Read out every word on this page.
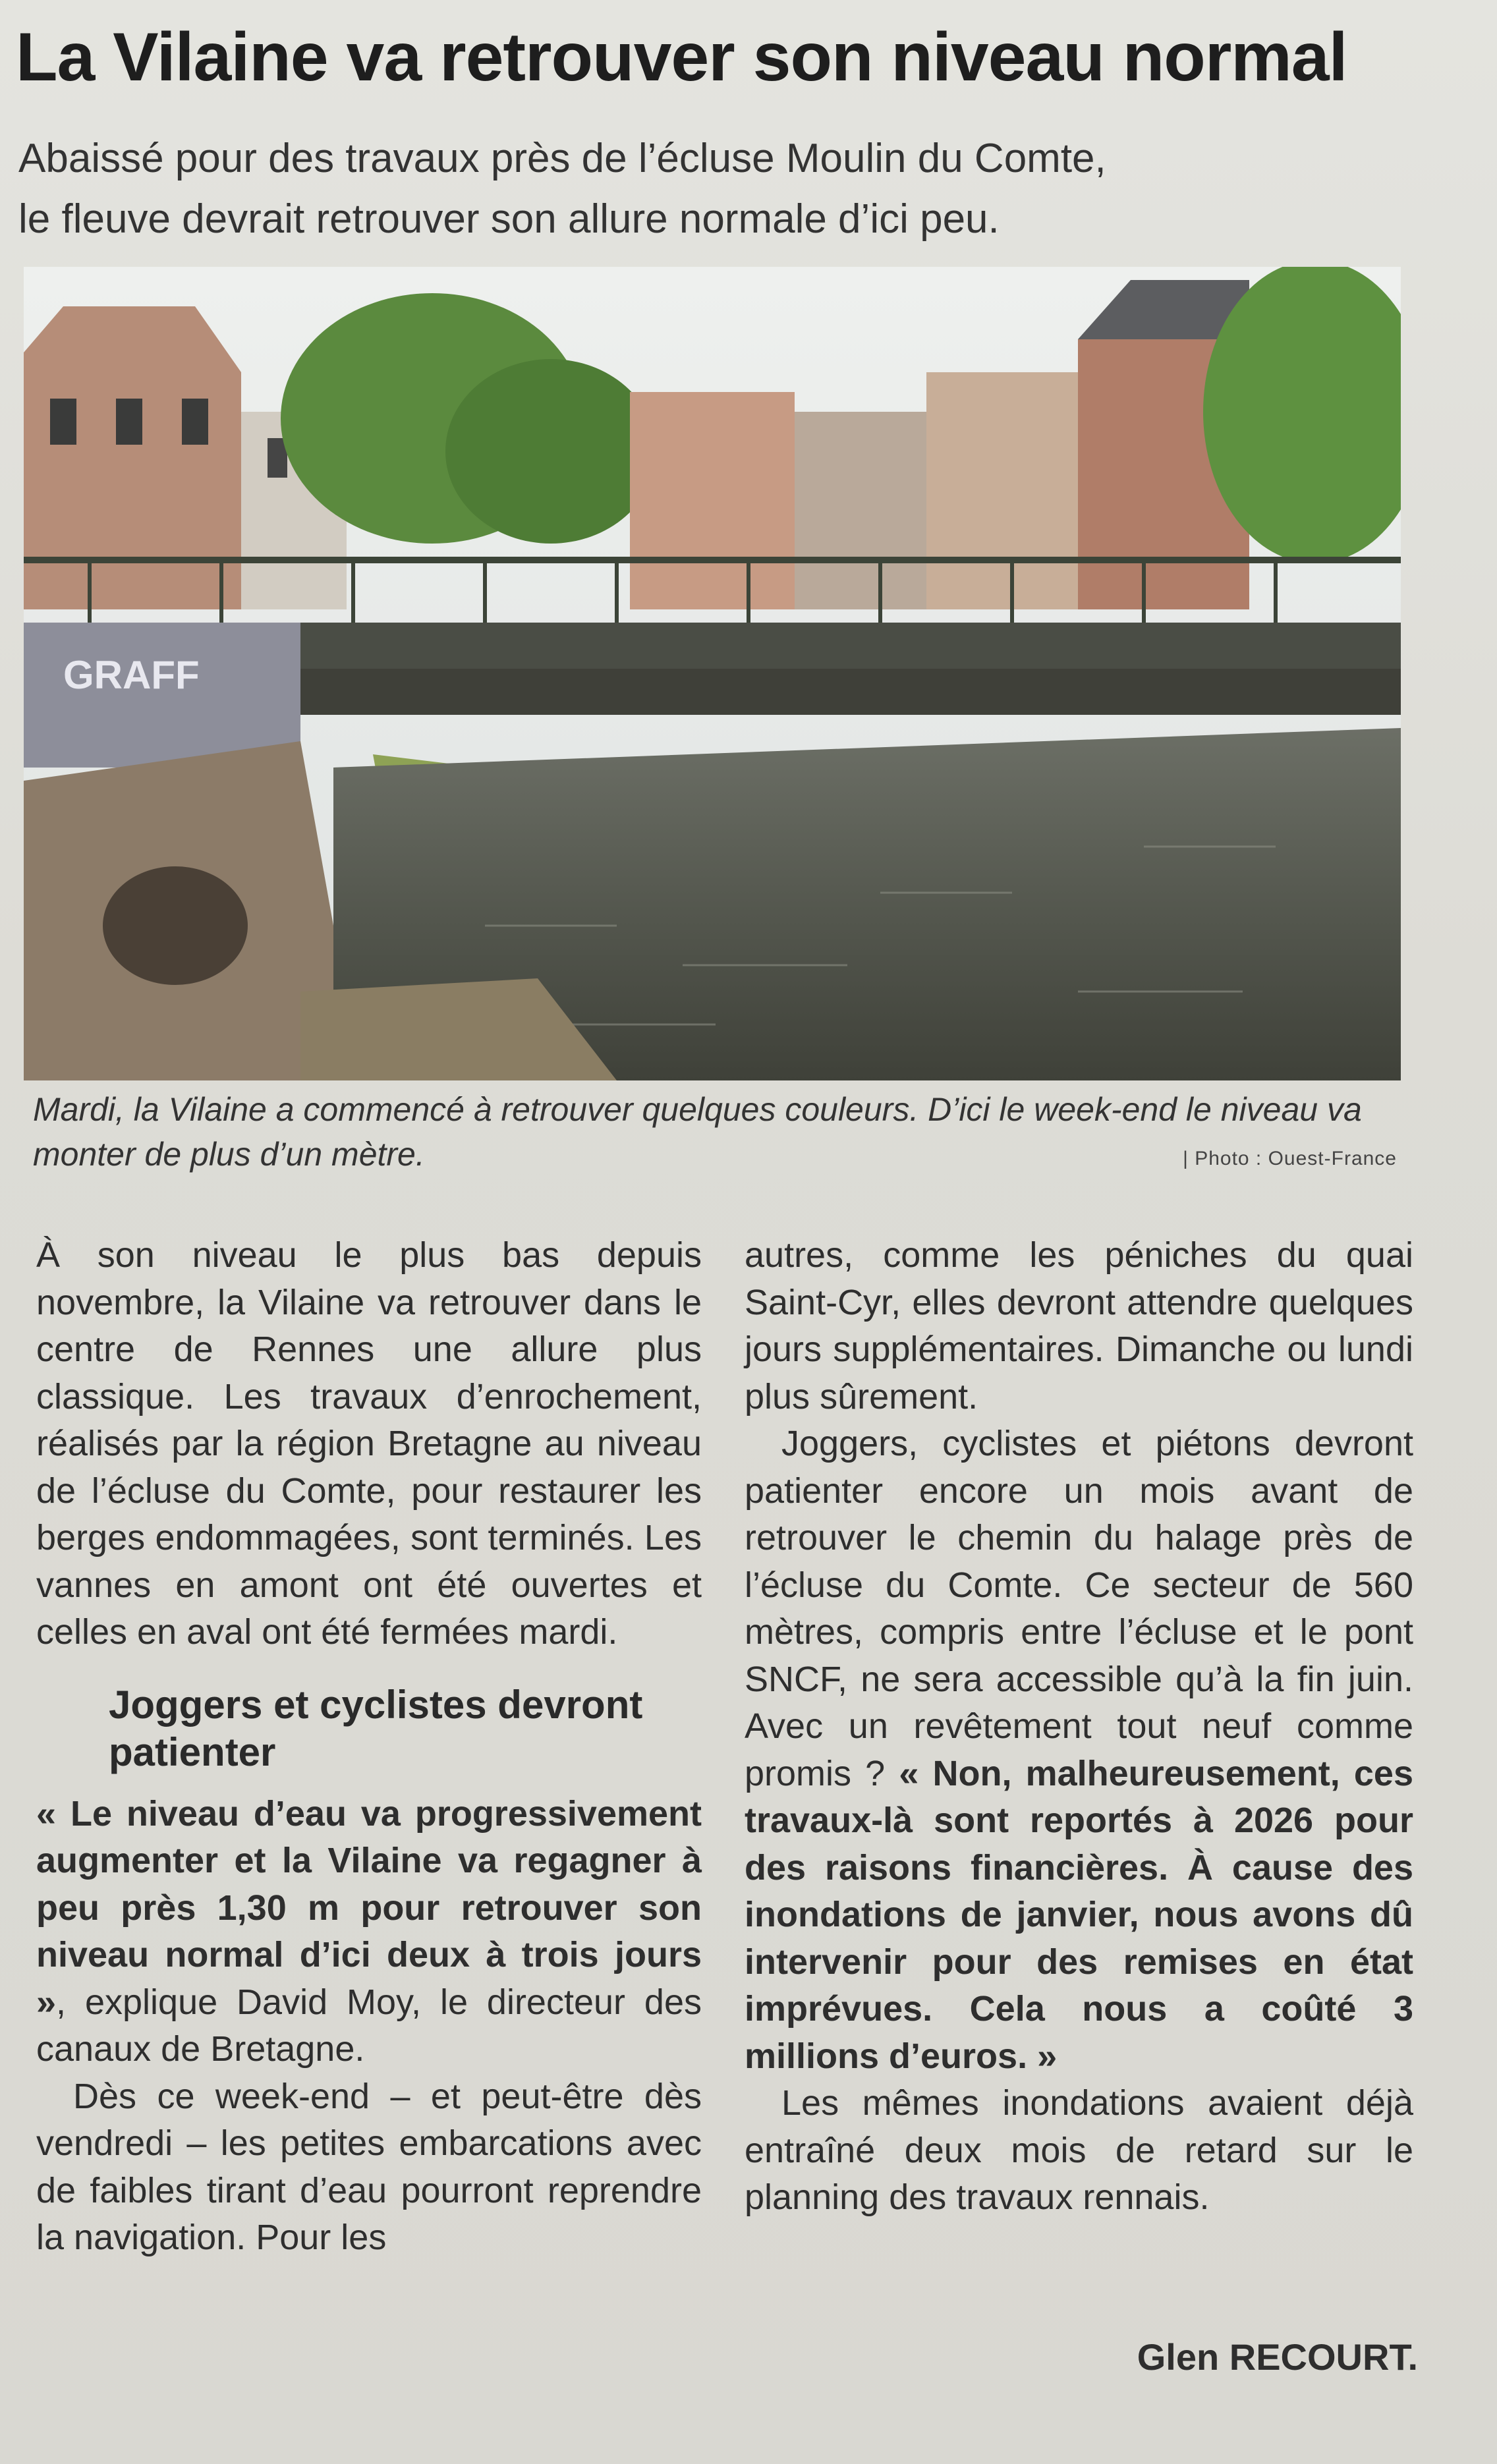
La Vilaine va retrouver son niveau normal
Abaissé pour des travaux près de l’écluse Moulin du Comte,
le fleuve devrait retrouver son allure normale d’ici peu.
GRAFF
Mardi, la Vilaine a commencé à retrouver quelques couleurs. D’ici le week-end le niveau va monter de plus d’un mètre.	| Photo : Ouest-France

À son niveau le plus bas depuis novembre, la Vilaine va retrouver dans le centre de Rennes une allure plus classique. Les travaux d’enrochement, réalisés par la région Bretagne au niveau de l’écluse du Comte, pour restaurer les berges endommagées, sont terminés. Les vannes en amont ont été ouvertes et celles en aval ont été fermées mardi.

Joggers et cyclistes devront patienter

« Le niveau d’eau va progressivement augmenter et la Vilaine va regagner à peu près 1,30 m pour retrouver son niveau normal d’ici deux à trois jours », explique David Moy, le directeur des canaux de Bretagne.

Dès ce week-end – et peut-être dès vendredi – les petites embarcations avec de faibles tirant d’eau pourront reprendre la navigation. Pour les

autres, comme les péniches du quai Saint-Cyr, elles devront attendre quelques jours supplémentaires. Dimanche ou lundi plus sûrement.

Joggers, cyclistes et piétons devront patienter encore un mois avant de retrouver le chemin du halage près de l’écluse du Comte. Ce secteur de 560 mètres, compris entre l’écluse et le pont SNCF, ne sera accessible qu’à la fin juin. Avec un revêtement tout neuf comme promis ? « Non, malheureusement, ces travaux-là sont reportés à 2026 pour des raisons financières. À cause des inondations de janvier, nous avons dû intervenir pour des remises en état imprévues. Cela nous a coûté 3 millions d’euros. »

Les mêmes inondations avaient déjà entraîné deux mois de retard sur le planning des travaux rennais.

Glen RECOURT.
